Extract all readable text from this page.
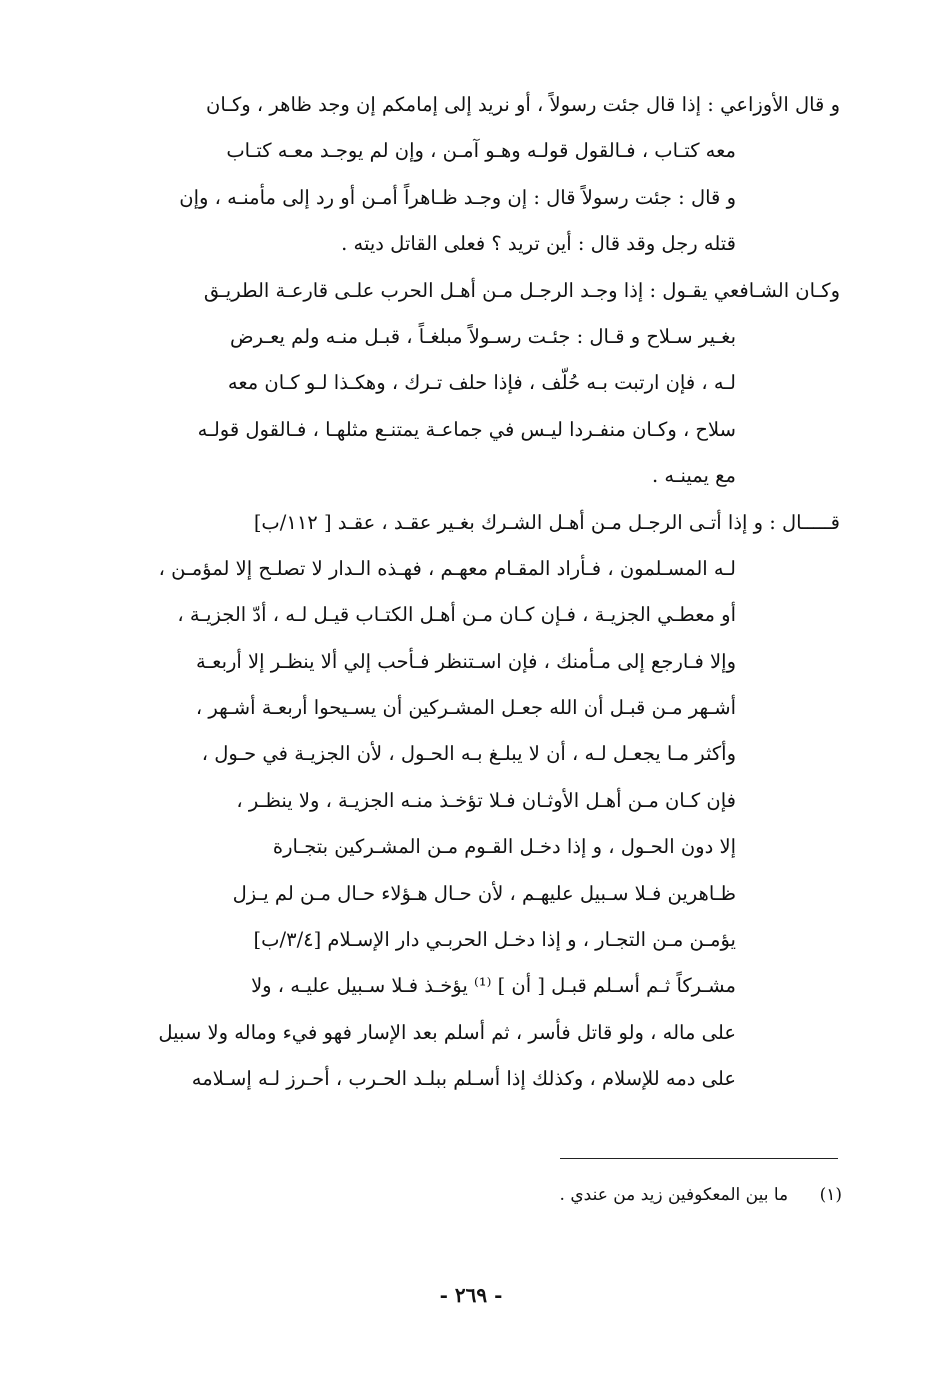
و قال الأوزاعي : إذا قال جئت رسولاً ، أو نريد إلى إمامكم إن وجد ظاهر ، وكـان
معه كتـاب ، فـالقول قولـه وهـو آمـن ، وإن لم يوجـد معـه كتـاب
و قال : جئت رسولاً قال : إن وجـد ظـاهراً أمـن أو رد إلى مأمنـه ، وإن
قتله رجل وقد قال : أين تريد ؟ فعلى القاتل ديته .
وكـان الشـافعي يقـول : إذا وجـد الرجـل مـن أهـل الحرب علـى قارعـة الطريـق
بغـير سـلاح و قـال : جئـت رسـولاً مبلغـاً ، قبـل منـه ولم يعـرض
لـه ، فإن ارتبت بـه حُلّف ، فإذا حلف تـرك ، وهكـذا لـو كـان معه
سلاح ، وكـان منفـردا ليـس في جماعـة يمتنـع مثلهـا ، فـالقول قولـه
مع يمينـه .
قـــــال : و إذا أتـى الرجـل مـن أهـل الشـرك بغـير عقـد ، عقـد [ ١١٢/ب]
لـه المسـلمون ، فـأراد المقـام معهـم ، فهـذه الـدار لا تصلـح إلا لمؤمـن ،
أو معطـي الجزيـة ، فـإن كـان مـن أهـل الكتـاب قيـل لـه ، أدّ الجزيـة ،
وإلا فـارجع إلى مـأمنك ، فإن اسـتنظر فـأحب إلي ألا ينظـر إلا أربعـة
أشـهر مـن قبـل أن الله جعـل المشـركين أن يسـيحوا أربعـة أشـهر ،
وأكثر مـا يجعـل لـه ، أن لا يبلـغ بـه الحـول ، لأن الجزيـة في حـول ،
فإن كـان مـن أهـل الأوثـان فـلا تؤخـذ منـه الجزيـة ، ولا ينظـر ،
إلا دون الحـول ، و إذا دخـل القـوم مـن المشـركين بتجـارة
ظـاهرين فـلا سـبيل عليهـم ، لأن حـال هـؤلاء حـال مـن لم يـزل
يؤمـن مـن التجـار ، و إذا دخـل الحربـي دار الإسـلام [٣/٤/ب]
مشـركاً ثـم أسـلم قبـل [ أن ] ⁽¹⁾ يؤخـذ فـلا سـبيل عليـه ، ولا
على ماله ، ولو قاتل فأسر ، ثم أسلم بعد الإسار فهو فيء وماله ولا سبيل
على دمه للإسلام ، وكذلك إذا أسـلم ببلـد الحـرب ، أحـرز لـه إسـلامه
(١) ما بين المعكوفين زيد من عندي .
- ٢٦٩ -
